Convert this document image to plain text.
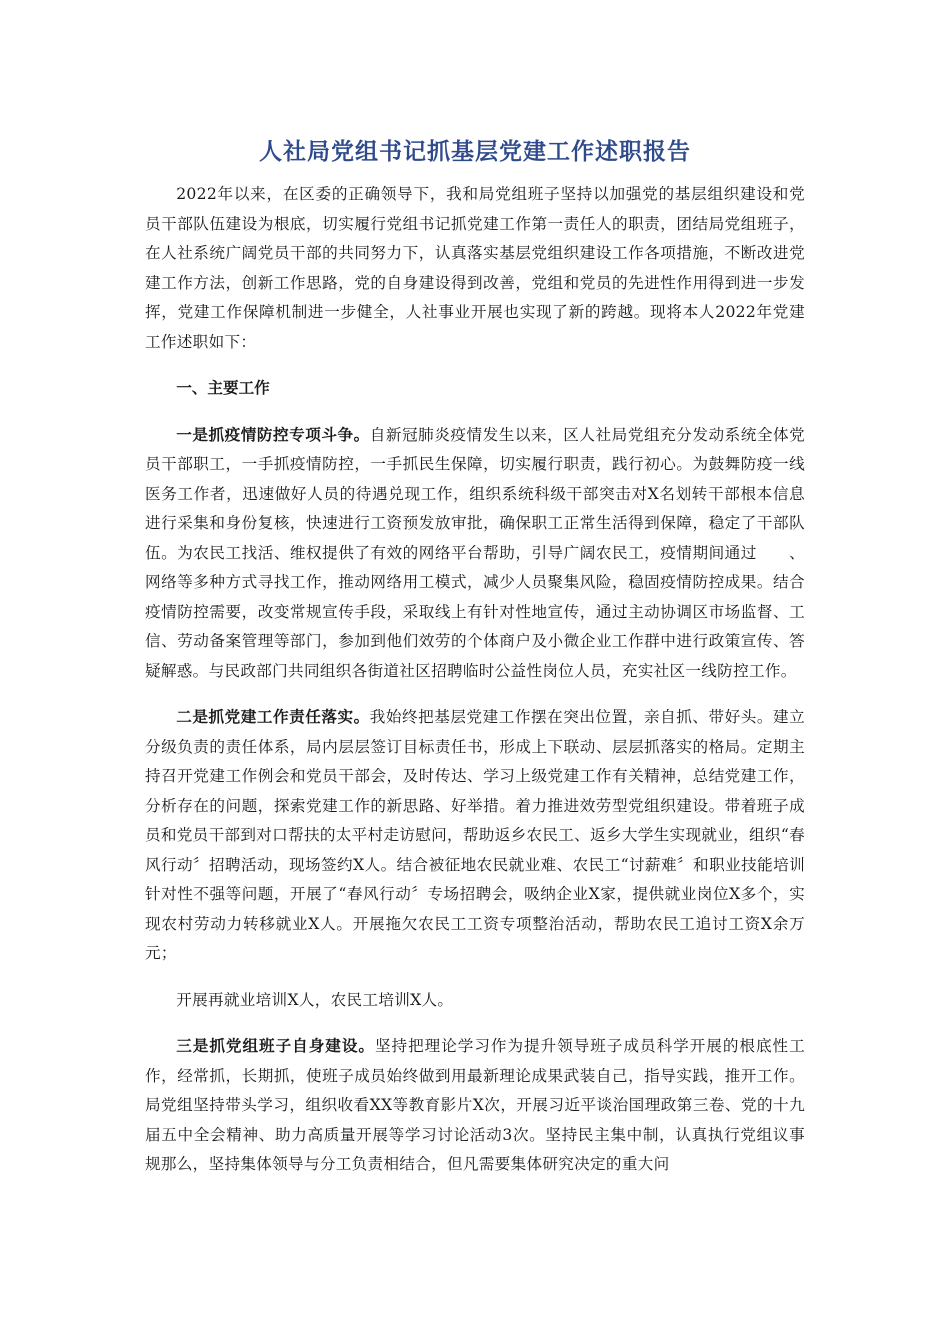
人社局党组书记抓基层党建工作述职报告

2022年以来，在区委的正确领导下，我和局党组班子坚持以加强党的基层组织建设和党员干部队伍建设为根底，切实履行党组书记抓党建工作第一责任人的职责，团结局党组班子，在人社系统广阔党员干部的共同努力下，认真落实基层党组织建设工作各项措施，不断改进党建工作方法，创新工作思路，党的自身建设得到改善，党组和党员的先进性作用得到进一步发挥，党建工作保障机制进一步健全，人社事业开展也实现了新的跨越。现将本人2022年党建工作述职如下：

一、主要工作

一是抓疫情防控专项斗争。自新冠肺炎疫情发生以来，区人社局党组充分发动系统全体党员干部职工，一手抓疫情防控，一手抓民生保障，切实履行职责，践行初心。为鼓舞防疫一线医务工作者，迅速做好人员的待遇兑现工作，组织系统科级干部突击对X名划转干部根本信息进行采集和身份复核，快速进行工资预发放审批，确保职工正常生活得到保障，稳定了干部队伍。为农民工找活、维权提供了有效的网络平台帮助，引导广阔农民工，疫情期间通过　　、网络等多种方式寻找工作，推动网络用工模式，减少人员聚集风险，稳固疫情防控成果。结合疫情防控需要，改变常规宣传手段，采取线上有针对性地宣传，通过主动协调区市场监督、工信、劳动备案管理等部门，参加到他们效劳的个体商户及小微企业工作群中进行政策宣传、答疑解惑。与民政部门共同组织各街道社区招聘临时公益性岗位人员，充实社区一线防控工作。

二是抓党建工作责任落实。我始终把基层党建工作摆在突出位置，亲自抓、带好头。建立分级负责的责任体系，局内层层签订目标责任书，形成上下联动、层层抓落实的格局。定期主持召开党建工作例会和党员干部会，及时传达、学习上级党建工作有关精神，总结党建工作，分析存在的问题，探索党建工作的新思路、好举措。着力推进效劳型党组织建设。带着班子成员和党员干部到对口帮扶的太平村走访慰问，帮助返乡农民工、返乡大学生实现就业，组织“春风行动〞招聘活动，现场签约X人。结合被征地农民就业难、农民工“讨薪难〞和职业技能培训针对性不强等问题，开展了“春风行动〞专场招聘会，吸纳企业X家，提供就业岗位X多个，实现农村劳动力转移就业X人。开展拖欠农民工工资专项整治活动，帮助农民工追讨工资X余万元；

开展再就业培训X人，农民工培训X人。

三是抓党组班子自身建设。坚持把理论学习作为提升领导班子成员科学开展的根底性工作，经常抓，长期抓，使班子成员始终做到用最新理论成果武装自己，指导实践，推开工作。局党组坚持带头学习，组织收看XX等教育影片X次，开展习近平谈治国理政第三卷、党的十九届五中全会精神、助力高质量开展等学习讨论活动3次。坚持民主集中制，认真执行党组议事规那么，坚持集体领导与分工负责相结合，但凡需要集体研究决定的重大问
